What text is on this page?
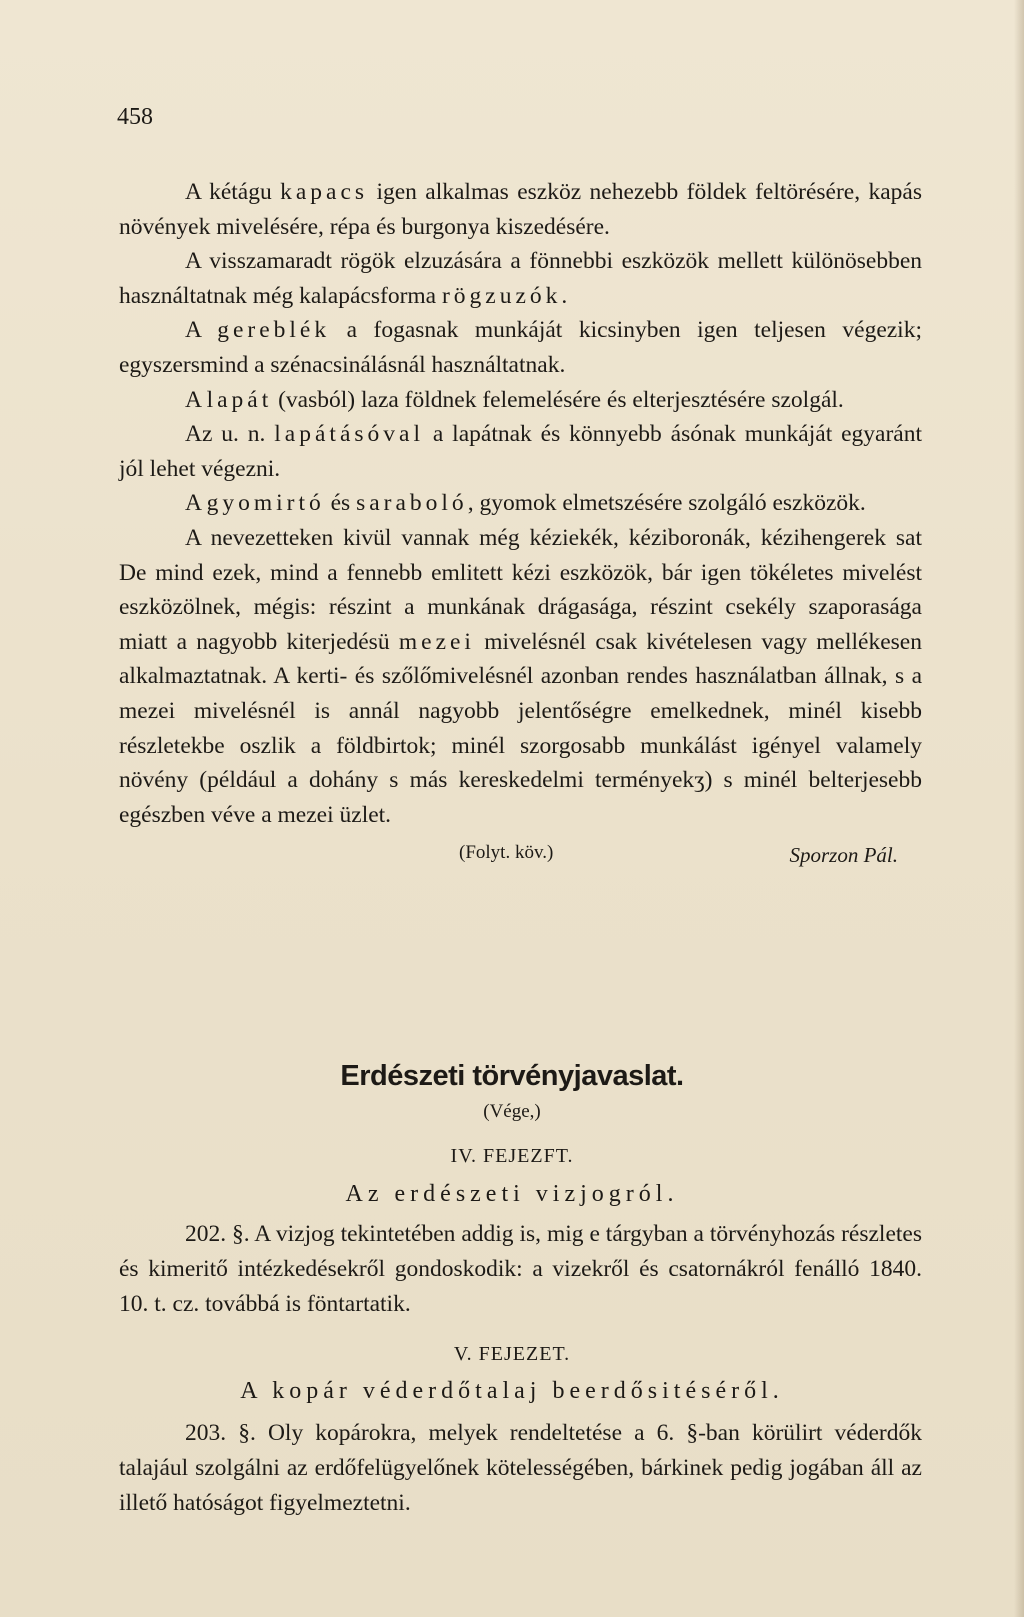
458

A kétágu kapacs igen alkalmas eszköz nehezebb földek feltörésére, kapás növények mivelésére, répa és burgonya kiszedésére.

A visszamaradt rögök elzuzására a fönnebbi eszközök mellett különösebben használtatnak még kalapácsforma rögzuzók.

A gereblék a fogasnak munkáját kicsinyben igen teljesen végezik; egyszersmind a szénacsinálásnál használtatnak.

A lapát (vasból) laza földnek felemelésére és elterjesztésére szolgál.

Az u. n. lapátásóval a lapátnak és könnyebb ásónak munkáját egyaránt jól lehet végezni.

A gyomirtó és saraboló, gyomok elmetszésére szolgáló eszközök.

A nevezetteken kivül vannak még kéziekék, kéziboronák, kézihengerek sat De mind ezek, mind a fennebb emlitett kézi eszközök, bár igen tökéletes mivelést eszközölnek, mégis: részint a munkának drágasága, részint csekély szaporasága miatt a nagyobb kiterjedésü mezei mivelésnél csak kivételesen vagy mellékesen alkalmaztatnak. A kerti- és szőlőmivelésnél azonban rendes használatban állnak, s a mezei mivelésnél is annál nagyobb jelentőségre emelkednek, minél kisebb részletekbe oszlik a földbirtok; minél szorgosabb munkálást igényel valamely növény (például a dohány s más kereskedelmi terményekʒ) s minél belterjesebb egészben véve a mezei üzlet.

(Folyt. köv.)	Sporzon Pál.
Erdészeti törvényjavaslat.
(Vége,)
IV. FEJEZFT.
Az erdészeti vizjogról.

202. §. A vizjog tekintetében addig is, mig e tárgyban a törvényhozás részletes és kimeritő intézkedésekről gondoskodik: a vizekről és csatornákról fenálló 1840. 10. t. cz. továbbá is föntartatik.

V. FEJEZET.
A kopár véderdőtalaj beerdősitéséről.

203. §. Oly kopárokra, melyek rendeltetése a 6. §-ban körülirt véderdők talajául szolgálni az erdőfelügyelőnek kötelességében, bárkinek pedig jogában áll az illető hatóságot figyelmeztetni.
